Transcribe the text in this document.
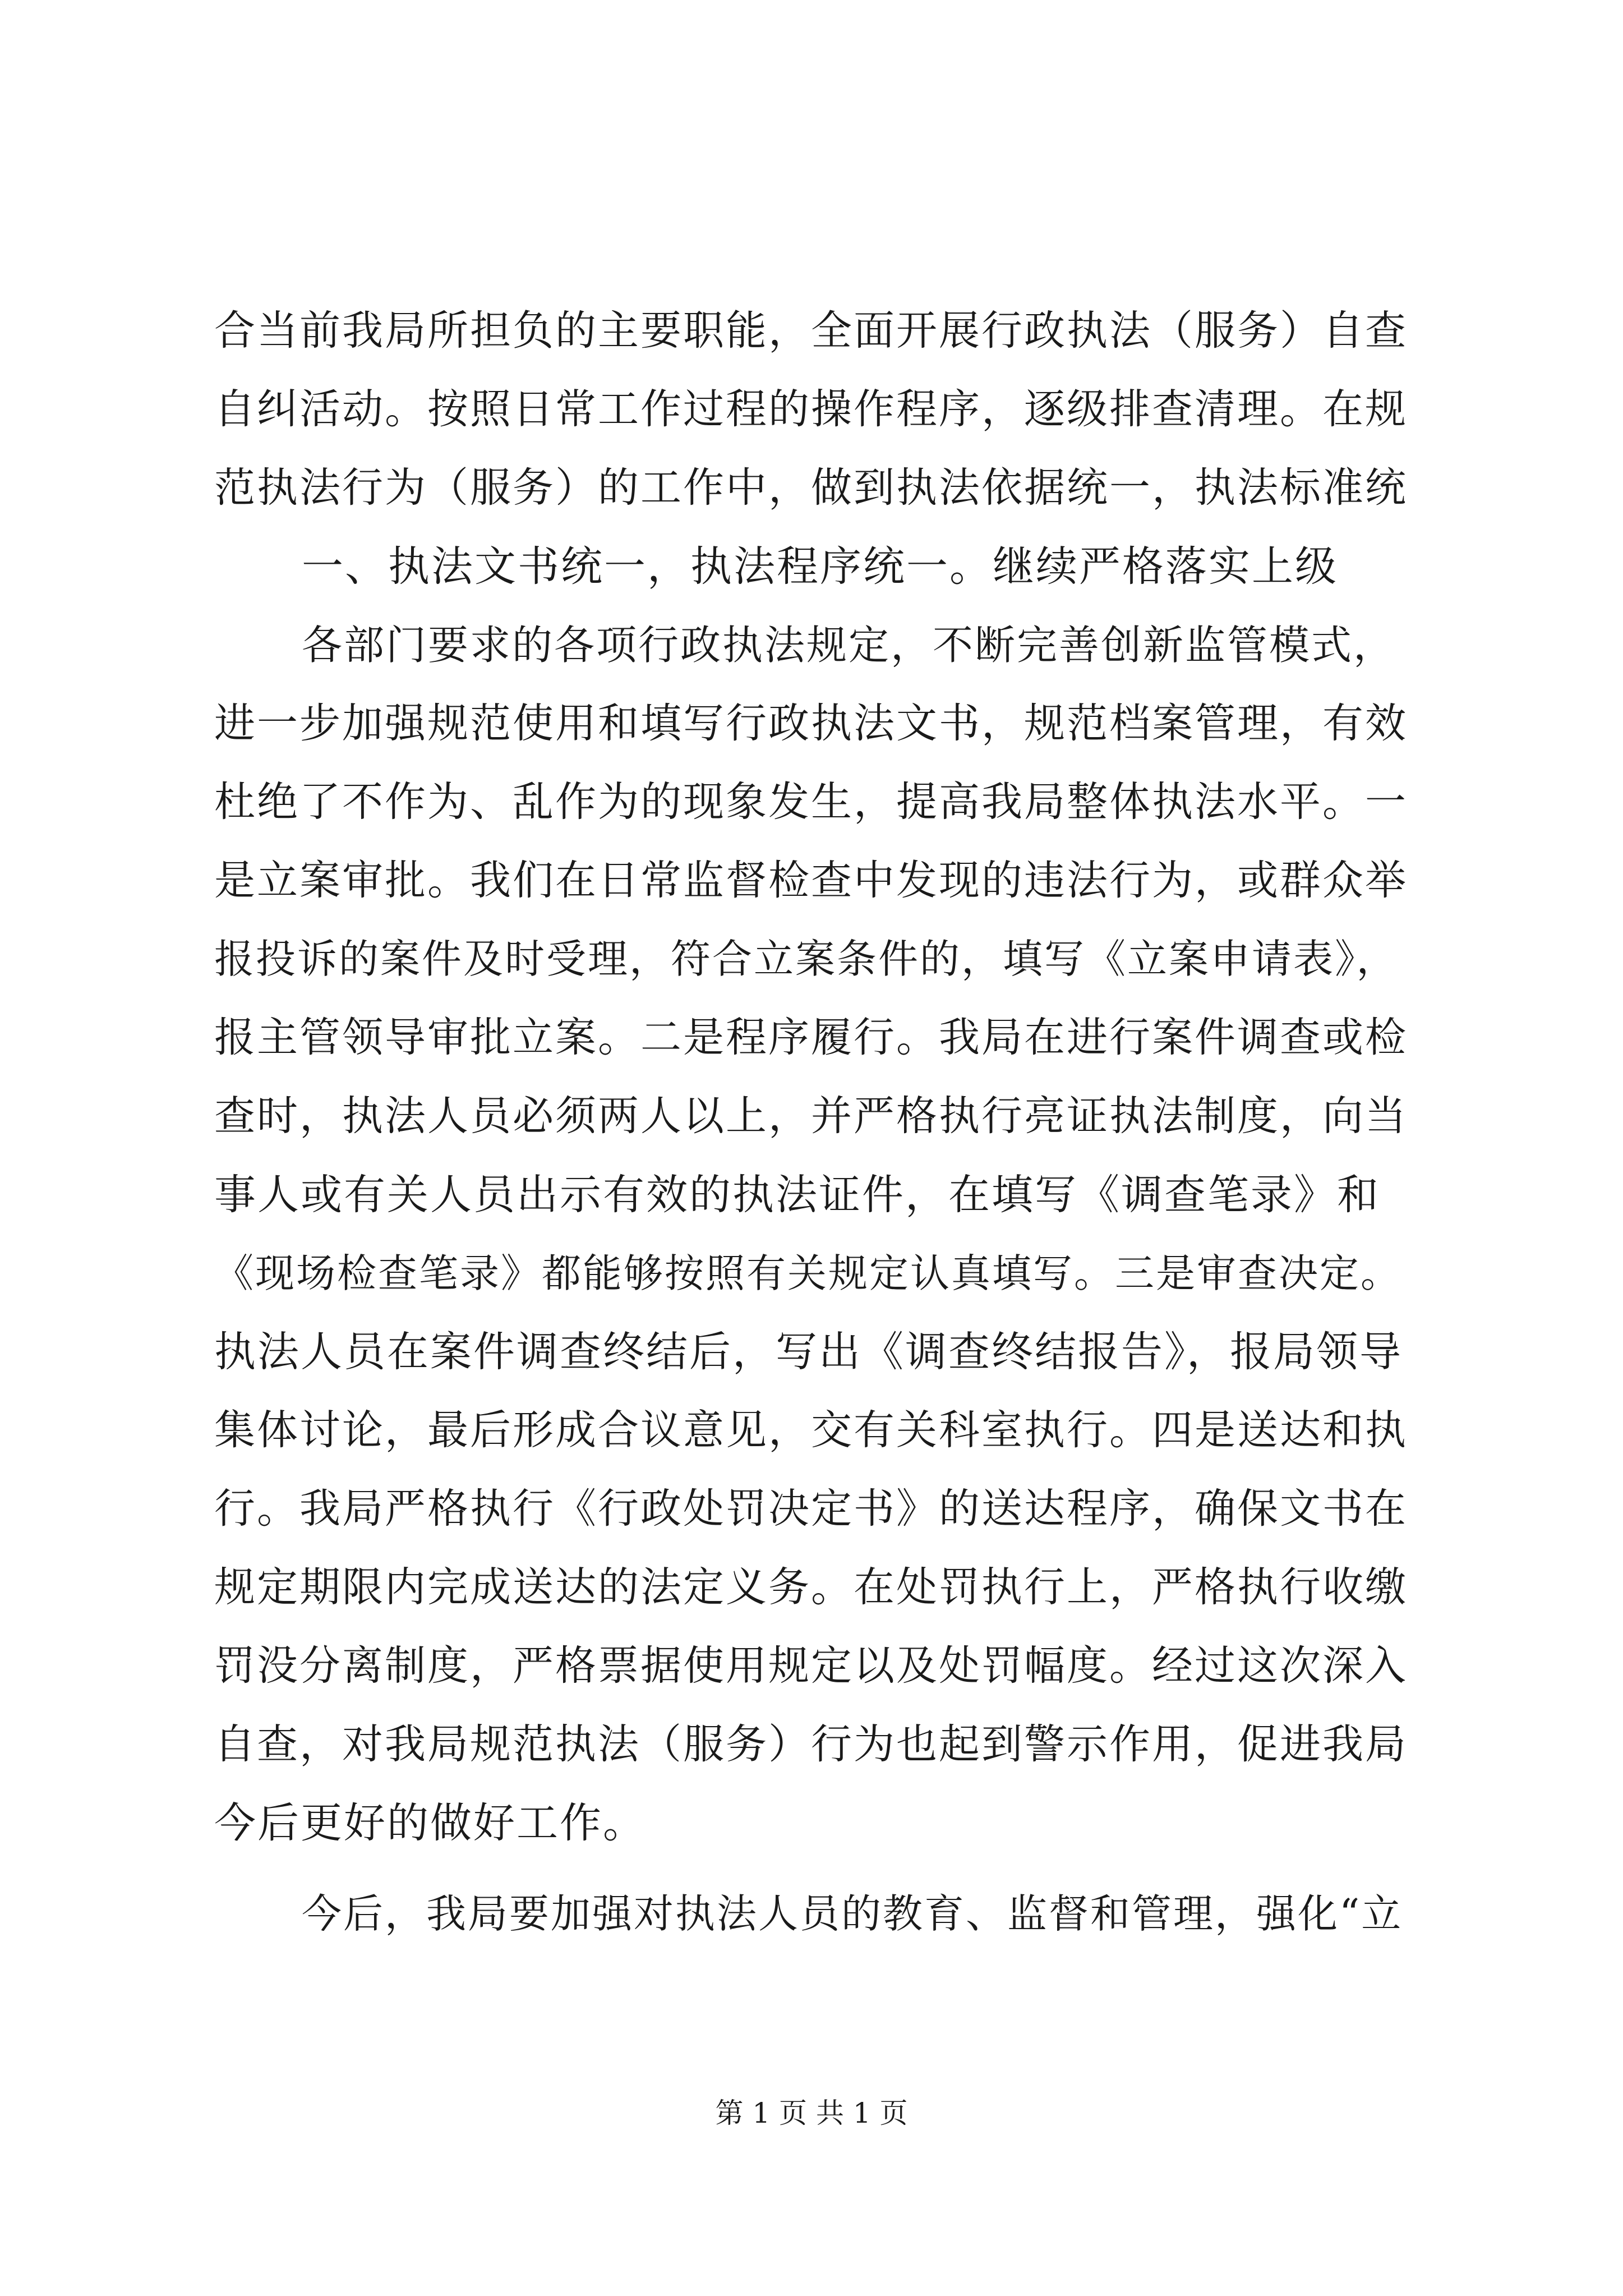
合当前我局所担负的主要职能，全面开展行政执法（服务）自查
自纠活动。按照日常工作过程的操作程序，逐级排查清理。在规
范执法行为（服务）的工作中，做到执法依据统一，执法标准统
一、执法文书统一，执法程序统一。继续严格落实上级
各部门要求的各项行政执法规定，不断完善创新监管模式，
进一步加强规范使用和填写行政执法文书，规范档案管理，有效
杜绝了不作为、乱作为的现象发生，提高我局整体执法水平。一
是立案审批。我们在日常监督检查中发现的违法行为，或群众举
报投诉的案件及时受理，符合立案条件的，填写《立案申请表》，
报主管领导审批立案。二是程序履行。我局在进行案件调查或检
查时，执法人员必须两人以上，并严格执行亮证执法制度，向当
事人或有关人员出示有效的执法证件，在填写《调查笔录》和
《现场检查笔录》都能够按照有关规定认真填写。三是审查决定。
执法人员在案件调查终结后，写出《调查终结报告》，报局领导
集体讨论，最后形成合议意见，交有关科室执行。四是送达和执
行。我局严格执行《行政处罚决定书》的送达程序，确保文书在
规定期限内完成送达的法定义务。在处罚执行上，严格执行收缴
罚没分离制度，严格票据使用规定以及处罚幅度。经过这次深入
自查，对我局规范执法（服务）行为也起到警示作用，促进我局
今后更好的做好工作。
今后，我局要加强对执法人员的教育、监督和管理，强化“立
第 1 页 共 1 页
